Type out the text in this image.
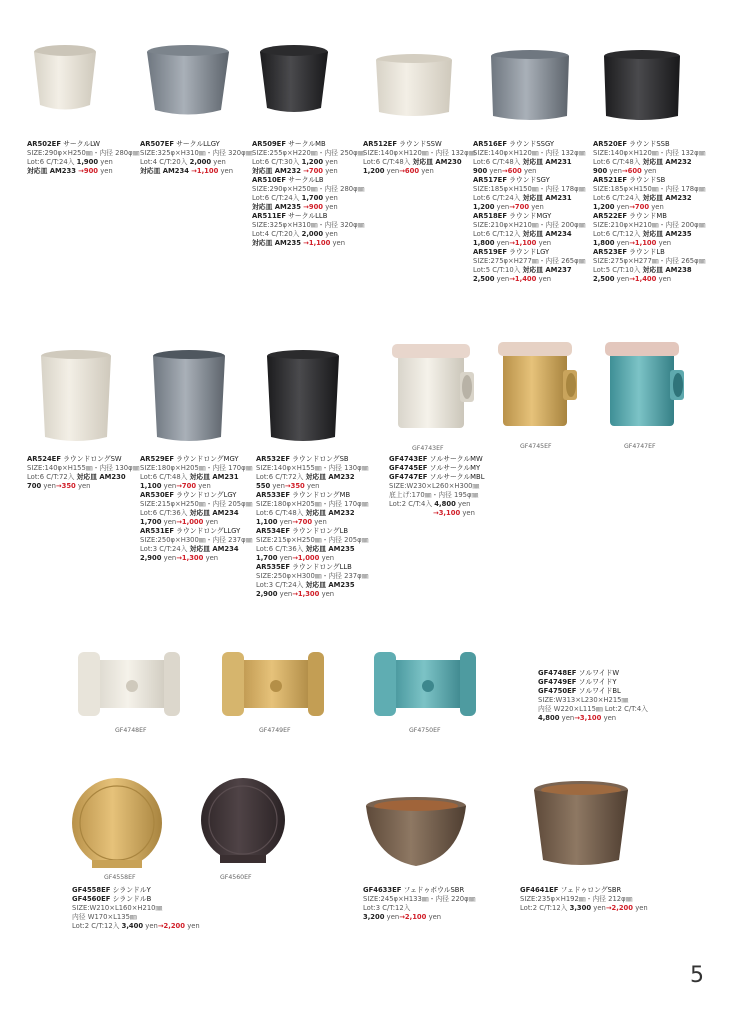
AR502EF サークルLW
SIZE:290φ×H250㎜・内径 280φ㎜
Lot:6 C/T:24入 1,900 yen
対応皿 AM233 →900 yen
AR507EF サークルLLGY
SIZE:325φ×H310㎜・内径 320φ㎜
Lot:4 C/T:20入 2,000 yen
対応皿 AM234 →1,100 yen
AR509EF サークルMB
SIZE:255φ×H220㎜・内径 250φ㎜
Lot:6 C/T:30入 1,200 yen
対応皿 AM232 →700 yen
AR510EF サークルLB
SIZE:290φ×H250㎜・内径 280φ㎜
Lot:6 C/T:24入 1,700 yen
対応皿 AM235 →900 yen
AR511EF サークルLLB
SIZE:325φ×H310㎜・内径 320φ㎜
Lot:4 C/T:20入 2,000 yen
対応皿 AM235 →1,100 yen
AR512EF ラウンドSSW
SIZE:140φ×H120㎜・内径 132φ㎜
Lot:6 C/T:48入 対応皿 AM230
1,200 yen→600 yen
AR516EF ラウンドSSGY
SIZE:140φ×H120㎜・内径 132φ㎜
Lot:6 C/T:48入 対応皿 AM231
900 yen→600 yen
AR517EF ラウンドSGY
SIZE:185φ×H150㎜・内径 178φ㎜
Lot:6 C/T:24入 対応皿 AM231
1,200 yen→700 yen
AR518EF ラウンドMGY
SIZE:210φ×H210㎜・内径 200φ㎜
Lot:6 C/T:12入 対応皿 AM234
1,800 yen→1,100 yen
AR519EF ラウンドLGY
SIZE:275φ×H277㎜・内径 265φ㎜
Lot:5 C/T:10入 対応皿 AM237
2,500 yen→1,400 yen
AR520EF ラウンドSSB
SIZE:140φ×H120㎜・内径 132φ㎜
Lot:6 C/T:48入 対応皿 AM232
900 yen→600 yen
AR521EF ラウンドSB
SIZE:185φ×H150㎜・内径 178φ㎜
Lot:6 C/T:24入 対応皿 AM232
1,200 yen→700 yen
AR522EF ラウンドMB
SIZE:210φ×H210㎜・内径 200φ㎜
Lot:6 C/T:12入 対応皿 AM235
1,800 yen→1,100 yen
AR523EF ラウンドLB
SIZE:275φ×H277㎜・内径 265φ㎜
Lot:5 C/T:10入 対応皿 AM238
2,500 yen→1,400 yen
AR524EF ラウンドロングSW
SIZE:140φ×H155㎜・内径 130φ㎜
Lot:6 C/T:72入 対応皿 AM230
700 yen→350 yen
AR529EF ラウンドロングMGY
SIZE:180φ×H205㎜・内径 170φ㎜
Lot:6 C/T:48入 対応皿 AM231
1,100 yen→700 yen
AR530EF ラウンドロングLGY
SIZE:215φ×H250㎜・内径 205φ㎜
Lot:6 C/T:36入 対応皿 AM234
1,700 yen→1,000 yen
AR531EF ラウンドロングLLGY
SIZE:250φ×H300㎜・内径 237φ㎜
Lot:3 C/T:24入 対応皿 AM234
2,900 yen→1,300 yen
AR532EF ラウンドロングSB
SIZE:140φ×H155㎜・内径 130φ㎜
Lot:6 C/T:72入 対応皿 AM232
550 yen→350 yen
AR533EF ラウンドロングMB
SIZE:180φ×H205㎜・内径 170φ㎜
Lot:6 C/T:48入 対応皿 AM232
1,100 yen→700 yen
AR534EF ラウンドロングLB
SIZE:215φ×H250㎜・内径 205φ㎜
Lot:6 C/T:36入 対応皿 AM235
1,700 yen→1,000 yen
AR535EF ラウンドロングLLB
SIZE:250φ×H300㎜・内径 237φ㎜
Lot:3 C/T:24入 対応皿 AM235
2,900 yen→1,300 yen
GF4743EF ソルサークルMW
GF4745EF ソルサークルMY
GF4747EF ソルサークルMBL
SIZE:W230×L260×H300㎜
底上げ:170㎜・内径 195φ㎜
Lot:2 C/T:4入 4,800 yen
→3,100 yen
GF4743EF	GF4745EF	GF4747EF
GF4748EF	GF4749EF	GF4750EF
GF4748EF ソルワイドW
GF4749EF ソルワイドY
GF4750EF ソルワイドBL
SIZE:W313×L230×H215㎜
内径 W220×L115㎜ Lot:2 C/T:4入
4,800 yen→3,100 yen
GF4558EF	GF4560EF
GF4558EF シランドルY
GF4560EF シランドルB
SIZE:W210×L160×H210㎜
内径 W170×L135㎜
Lot:2 C/T:12入 3,400 yen→2,200 yen
GF4633EF フェドゥボウルSBR
SIZE:245φ×H133㎜・内径 220φ㎜
Lot:3 C/T:12入
3,200 yen→2,100 yen
GF4641EF フェドゥロングSBR
SIZE:235φ×H192㎜・内径 212φ㎜
Lot:2 C/T:12入 3,300 yen→2,200 yen
5
